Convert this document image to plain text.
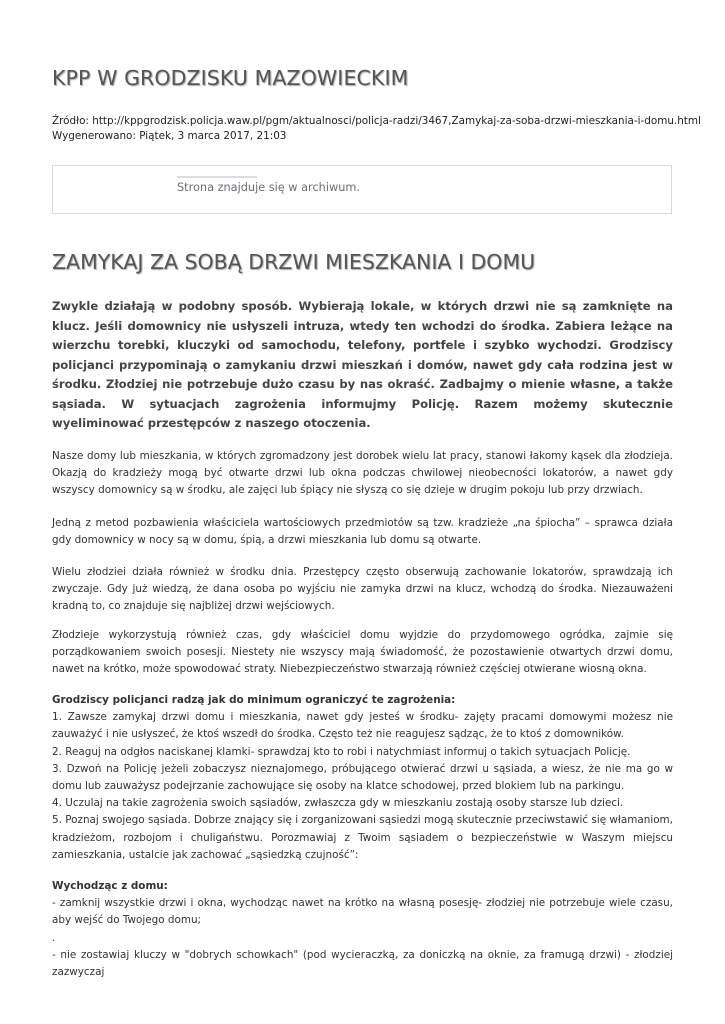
KPP W GRODZISKU MAZOWIECKIM
Źródło: http://kppgrodzisk.policja.waw.pl/pgm/aktualnosci/policja-radzi/3467,Zamykaj-za-soba-drzwi-mieszkania-i-domu.html
Wygenerowano: Piątek, 3 marca 2017, 21:03
Strona znajduje się w archiwum.
ZAMYKAJ ZA SOBĄ DRZWI MIESZKANIA I DOMU

Zwykle działają w podobny sposób. Wybierają lokale, w których drzwi nie są zamknięte na klucz. Jeśli domownicy nie usłyszeli intruza, wtedy ten wchodzi do środka. Zabiera leżące na wierzchu torebki, kluczyki od samochodu, telefony, portfele i szybko wychodzi. Grodziscy policjanci przypominają o zamykaniu drzwi mieszkań i domów, nawet gdy cała rodzina jest w środku. Złodziej nie potrzebuje dużo czasu by nas okraść. Zadbajmy o mienie własne, a także sąsiada. W sytuacjach zagrożenia informujmy Policję. Razem możemy skutecznie wyeliminować przestępców z naszego otoczenia.

Nasze domy lub mieszkania, w których zgromadzony jest dorobek wielu lat pracy, stanowi łakomy kąsek dla złodzieja. Okazją do kradzieży mogą być otwarte drzwi lub okna podczas chwilowej nieobecności lokatorów, a nawet gdy wszyscy domownicy są w środku, ale zajęci lub śpiący nie słyszą co się dzieje w drugim pokoju lub przy drzwiach.

Jedną z metod pozbawienia właściciela wartościowych przedmiotów są tzw. kradzieże „na śpiocha” – sprawca działa gdy domownicy w nocy są w domu, śpią, a drzwi mieszkania lub domu są otwarte.

Wielu złodziei działa również w środku dnia. Przestępcy często obserwują zachowanie lokatorów, sprawdzają ich zwyczaje. Gdy już wiedzą, że dana osoba po wyjściu nie zamyka drzwi na klucz, wchodzą do środka. Niezauważeni kradną to, co znajduje się najbliżej drzwi wejściowych.

Złodzieje wykorzystują również czas, gdy właściciel domu wyjdzie do przydomowego ogródka, zajmie się porządkowaniem swoich posesji. Niestety nie wszyscy mają świadomość, że pozostawienie otwartych drzwi domu, nawet na krótko, może spowodować straty. Niebezpieczeństwo stwarzają również częściej otwierane wiosną okna.

Grodziscy policjanci radzą jak do minimum ograniczyć te zagrożenia:

1. Zawsze zamykaj drzwi domu i mieszkania, nawet gdy jesteś w środku- zajęty pracami domowymi możesz nie zauważyć i nie usłyszeć, że ktoś wszedł do środka. Często też nie reagujesz sądząc, że to ktoś z domowników.

2. Reaguj na odgłos naciskanej klamki- sprawdzaj kto to robi i natychmiast informuj o takich sytuacjach Policję.

3. Dzwoń na Policję jeżeli zobaczysz nieznajomego, próbującego otwierać drzwi u sąsiada, a wiesz, że nie ma go w domu lub zauważysz podejrzanie zachowujące się osoby na klatce schodowej, przed blokiem lub na parkingu.

4. Uczulaj na takie zagrożenia swoich sąsiadów, zwłaszcza gdy w mieszkaniu zostają osoby starsze lub dzieci.

5. Poznaj swojego sąsiada. Dobrze znający się i zorganizowani sąsiedzi mogą skutecznie przeciwstawić się włamaniom, kradzieżom, rozbojom i chuligaństwu. Porozmawiaj z Twoim sąsiadem o bezpieczeństwie w Waszym miejscu zamieszkania, ustalcie jak zachować „sąsiedzką czujność”:

Wychodząc z domu:

- zamknij wszystkie drzwi i okna, wychodząc nawet na krótko na własną posesję- złodziej nie potrzebuje wiele czasu, aby wejść do Twojego domu;

.

- nie zostawiaj kluczy w "dobrych schowkach" (pod wycieraczką, za doniczką na oknie, za framugą drzwi) - złodziej zazwyczaj
